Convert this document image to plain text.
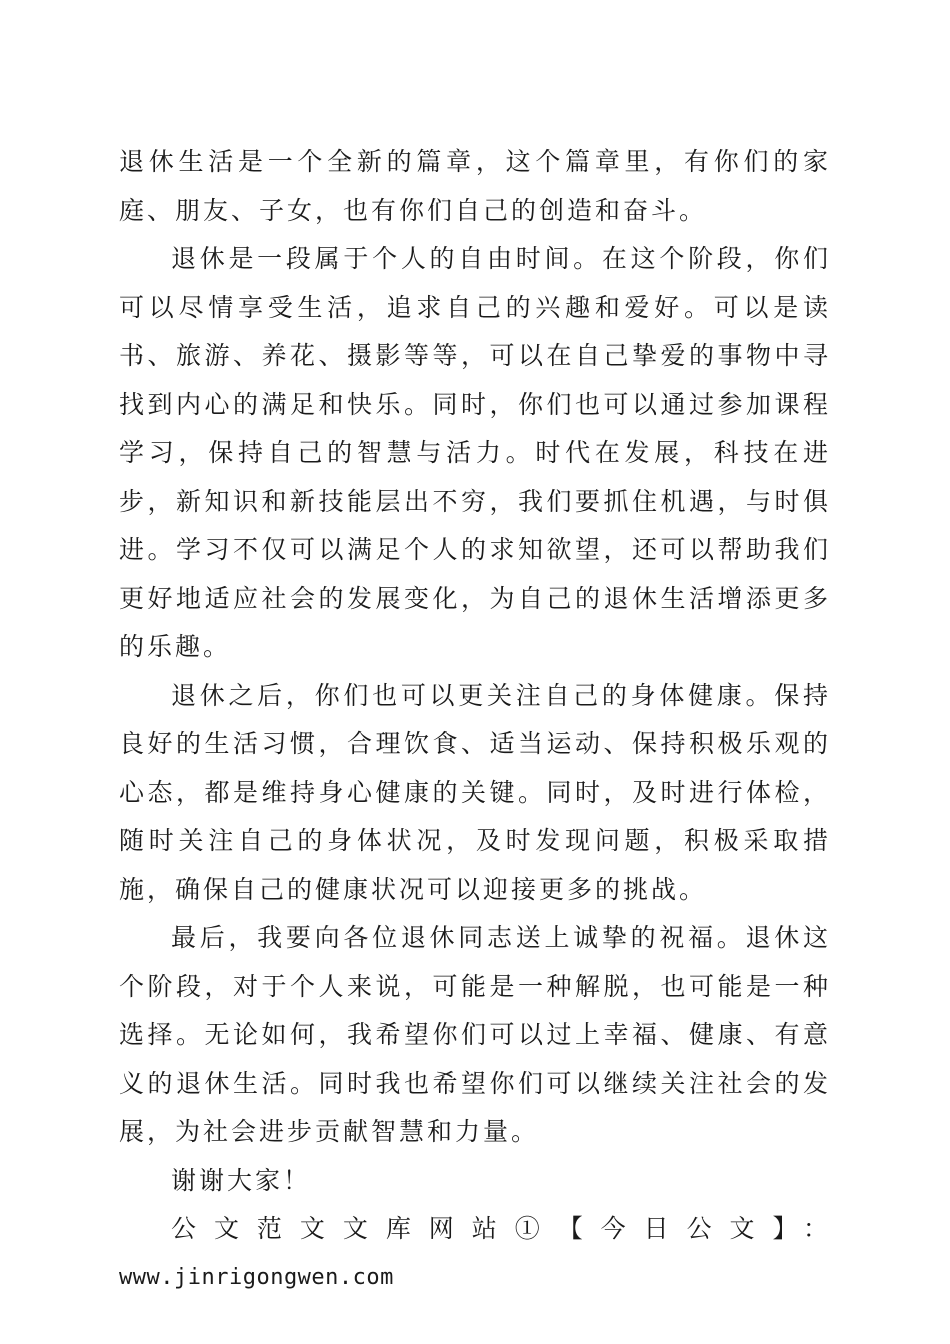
退休生活是一个全新的篇章，这个篇章里，有你们的家庭、朋友、子女，也有你们自己的创造和奋斗。

退休是一段属于个人的自由时间。在这个阶段，你们可以尽情享受生活，追求自己的兴趣和爱好。可以是读书、旅游、养花、摄影等等，可以在自己挚爱的事物中寻找到内心的满足和快乐。同时，你们也可以通过参加课程学习，保持自己的智慧与活力。时代在发展，科技在进步，新知识和新技能层出不穷，我们要抓住机遇，与时俱进。学习不仅可以满足个人的求知欲望，还可以帮助我们更好地适应社会的发展变化，为自己的退休生活增添更多的乐趣。

退休之后，你们也可以更关注自己的身体健康。保持良好的生活习惯，合理饮食、适当运动、保持积极乐观的心态，都是维持身心健康的关键。同时，及时进行体检，随时关注自己的身体状况，及时发现问题，积极采取措施，确保自己的健康状况可以迎接更多的挑战。

最后，我要向各位退休同志送上诚挚的祝福。退休这个阶段，对于个人来说，可能是一种解脱，也可能是一种选择。无论如何，我希望你们可以过上幸福、健康、有意义的退休生活。同时我也希望你们可以继续关注社会的发展，为社会进步贡献智慧和力量。

谢谢大家！

公文范文文库网站①【今日公文】：

www.jinrigongwen.com
